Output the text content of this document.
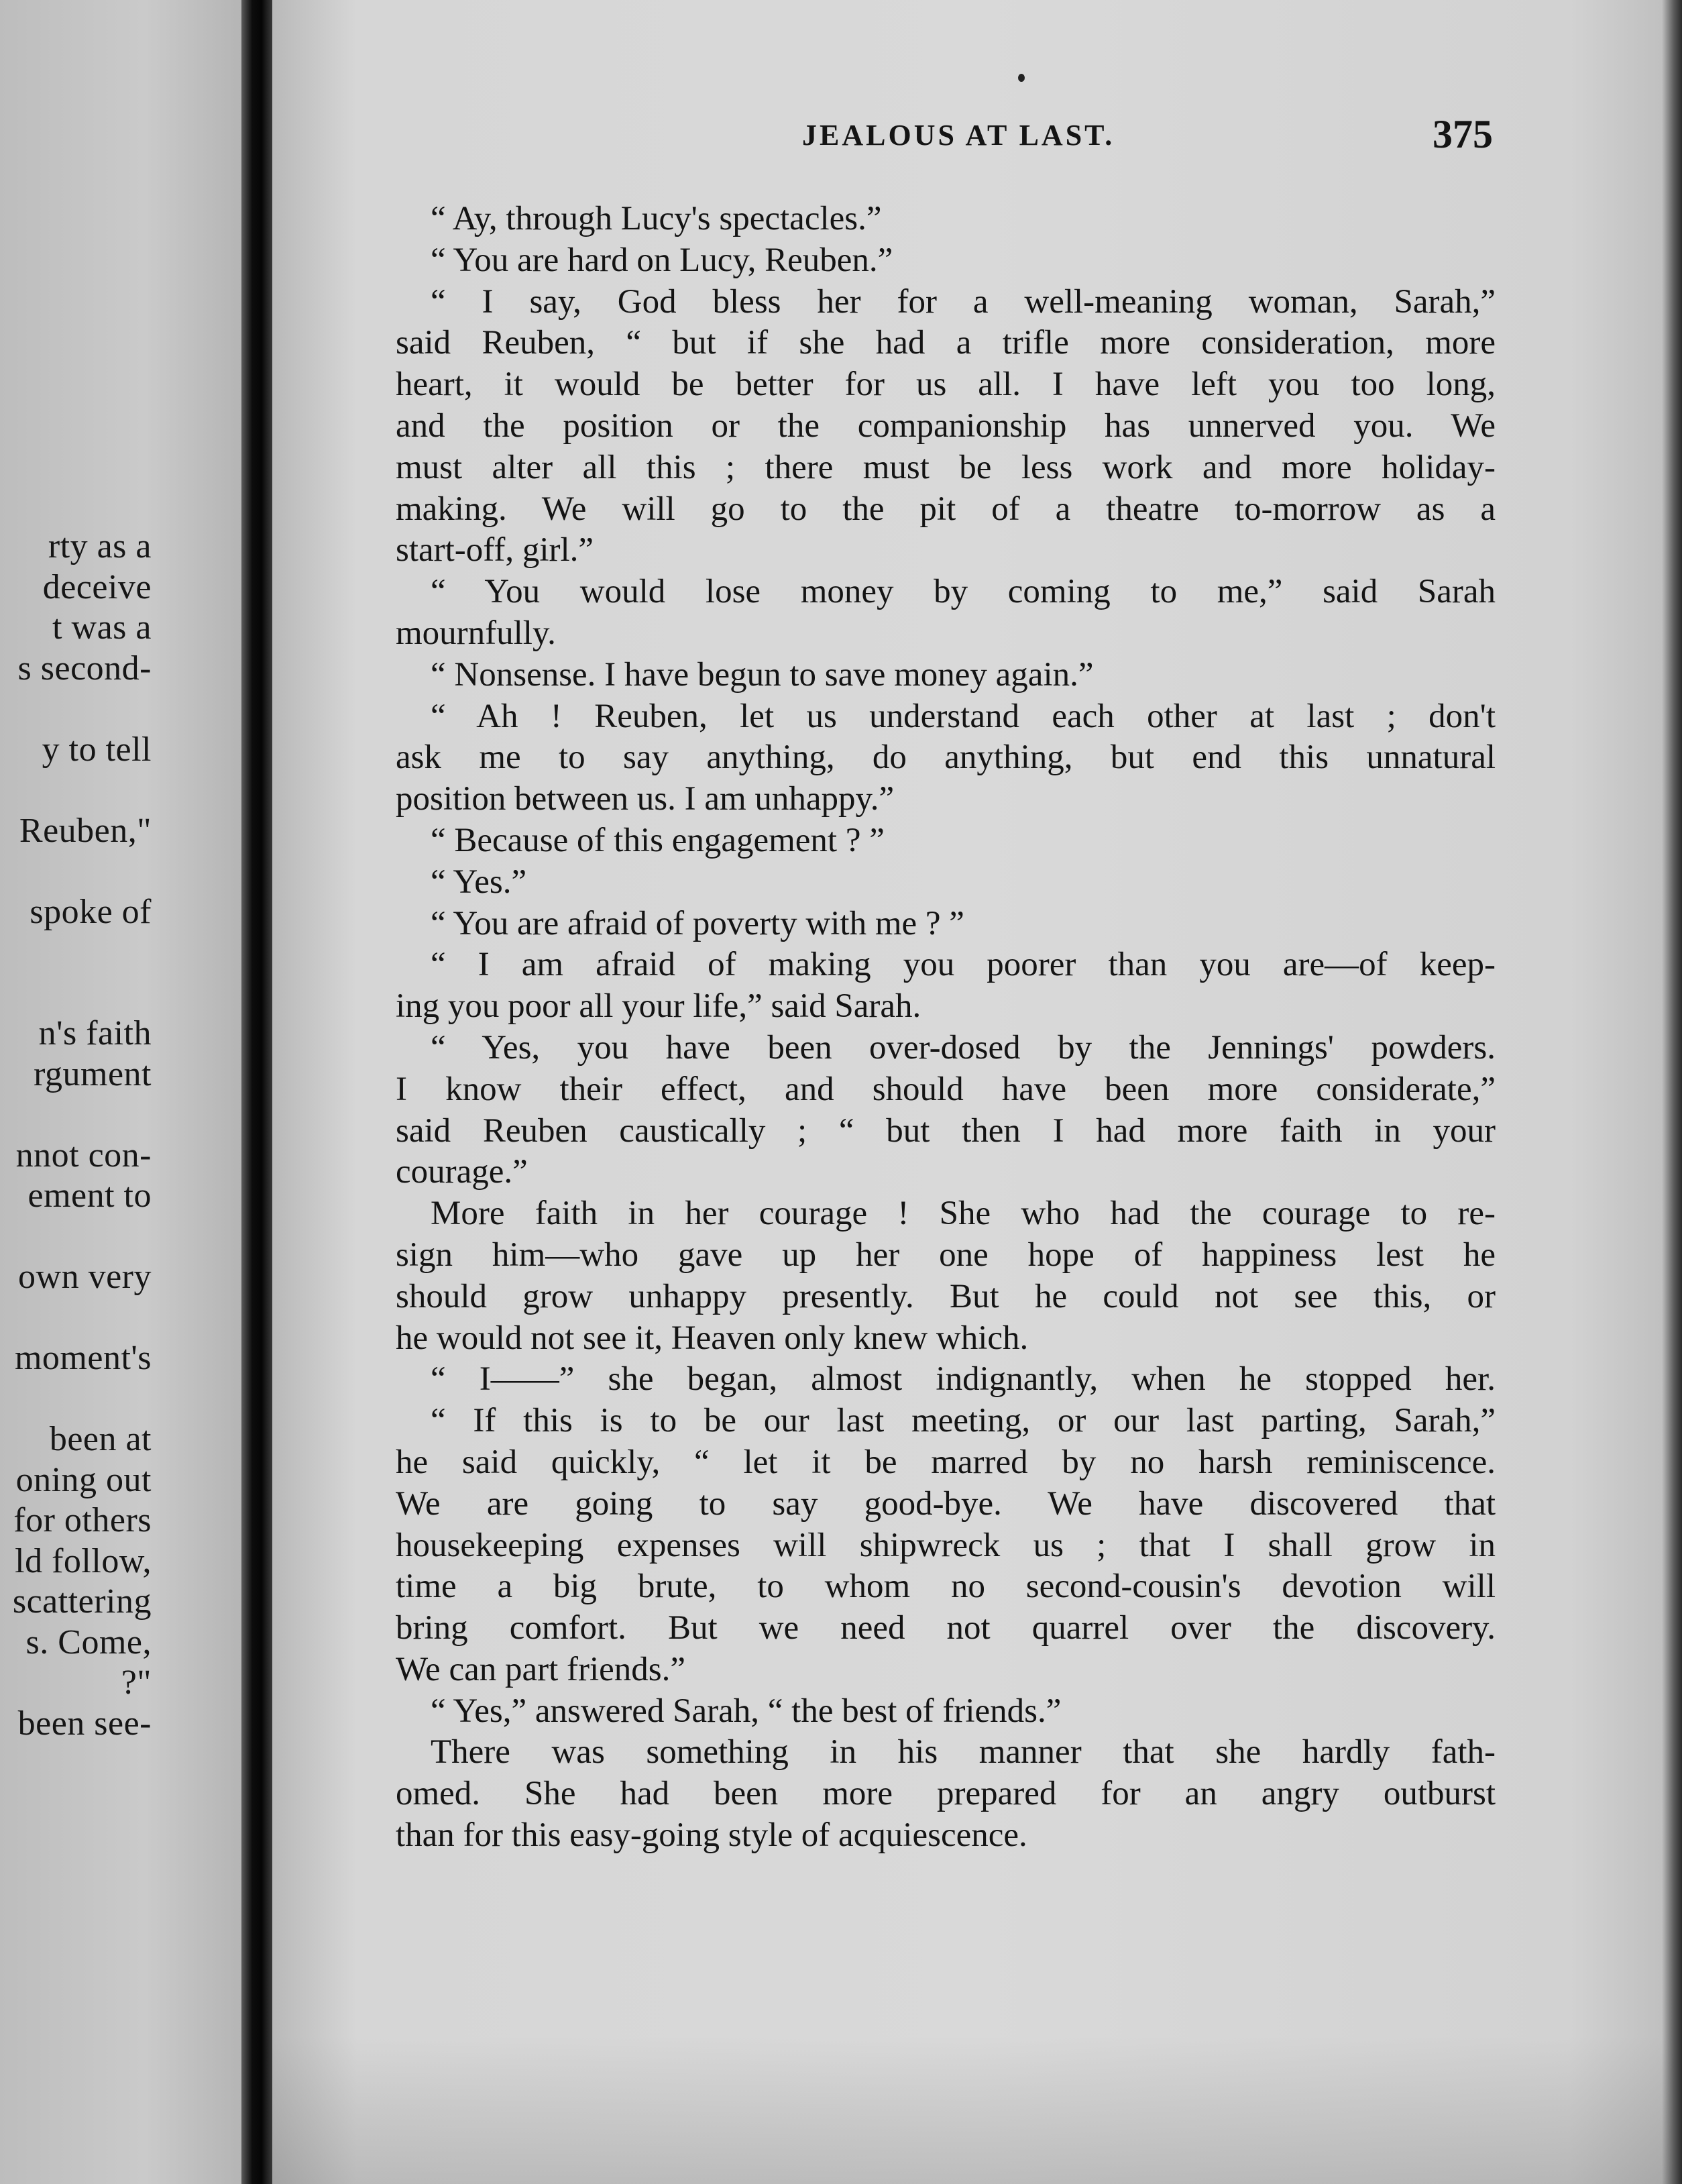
rty as a
deceive
t was a
s second-
y to tell
Reuben,"
spoke of
n's faith
rgument
nnot con-
ement to
own very
moment's
been at
oning out
for others
ld follow,
scattering
s. Come,
?"
been see-
JEALOUS AT LAST.	375
“ Ay, through Lucy's spectacles.”
“ You are hard on Lucy, Reuben.”
“ I say, God bless her for a well-meaning woman, Sarah,”
said Reuben, “ but if she had a trifle more consideration, more
heart, it would be better for us all. I have left you too long,
and the position or the companionship has unnerved you. We
must alter all this ; there must be less work and more holiday-
making. We will go to the pit of a theatre to-morrow as a
start-off, girl.”
“ You would lose money by coming to me,” said Sarah
mournfully.
“ Nonsense. I have begun to save money again.”
“ Ah ! Reuben, let us understand each other at last ; don't
ask me to say anything, do anything, but end this unnatural
position between us. I am unhappy.”
“ Because of this engagement ? ”
“ Yes.”
“ You are afraid of poverty with me ? ”
“ I am afraid of making you poorer than you are—of keep-
ing you poor all your life,” said Sarah.
“ Yes, you have been over-dosed by the Jennings' powders.
I know their effect, and should have been more considerate,”
said Reuben caustically ; “ but then I had more faith in your
courage.”
More faith in her courage ! She who had the courage to re-
sign him—who gave up her one hope of happiness lest he
should grow unhappy presently. But he could not see this, or
he would not see it, Heaven only knew which.
“ I——” she began, almost indignantly, when he stopped her.
“ If this is to be our last meeting, or our last parting, Sarah,”
he said quickly, “ let it be marred by no harsh reminiscence.
We are going to say good-bye. We have discovered that
housekeeping expenses will shipwreck us ; that I shall grow in
time a big brute, to whom no second-cousin's devotion will
bring comfort. But we need not quarrel over the discovery.
We can part friends.”
“ Yes,” answered Sarah, “ the best of friends.”
There was something in his manner that she hardly fath-
omed. She had been more prepared for an angry outburst
than for this easy-going style of acquiescence.
